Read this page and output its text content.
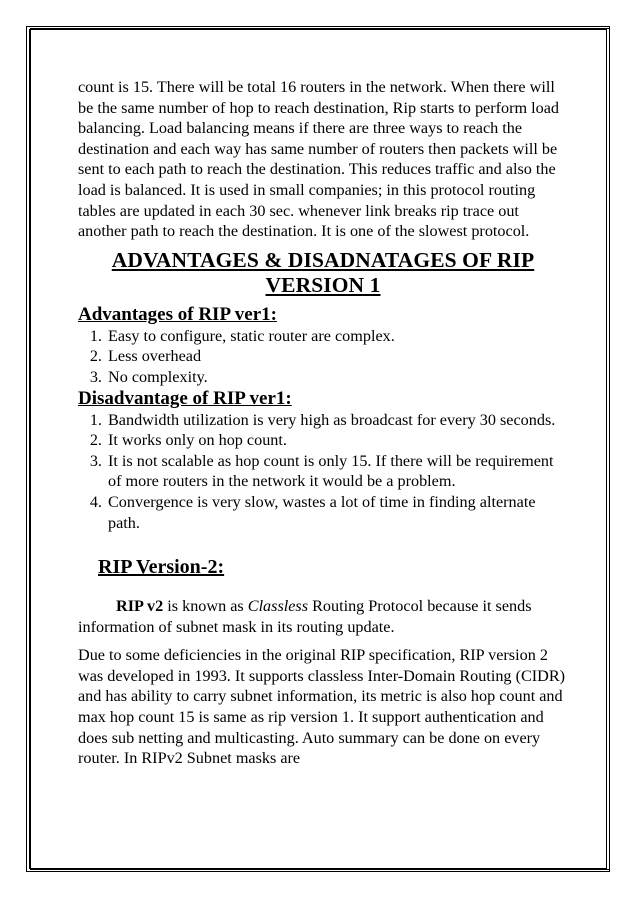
count is 15. There will be total 16 routers in the network. When there will be the same number of hop to reach destination, Rip starts to perform load balancing. Load balancing means if there are three ways to reach the destination and each way has same number of routers then packets will be sent to each path to reach the destination. This reduces traffic and also the load is balanced. It is used in small companies; in this protocol routing tables are updated in each 30 sec. whenever link breaks rip trace out another path to reach the destination. It is one of the slowest protocol.

ADVANTAGES & DISADNATAGES OF RIP
VERSION 1
Advantages of RIP ver1:
1. Easy to configure, static router are complex.
2. Less overhead
3. No complexity.
Disadvantage of RIP ver1:
1. Bandwidth utilization is very high as broadcast for every 30 seconds.
2. It works only on hop count.
3. It is not scalable as hop count is only 15. If there will be requirement of more routers in the network it would be a problem.
4. Convergence is very slow, wastes a lot of time in finding alternate path.
RIP Version-2:

RIP v2 is known as Classless Routing Protocol because it sends information of subnet mask in its routing update.

Due to some deficiencies in the original RIP specification, RIP version 2 was developed in 1993. It supports classless Inter-Domain Routing (CIDR) and has ability to carry subnet information, its metric is also hop count and max hop count 15 is same as rip version 1. It support authentication and does sub netting and multicasting. Auto summary can be done on every router. In RIPv2 Subnet masks are
